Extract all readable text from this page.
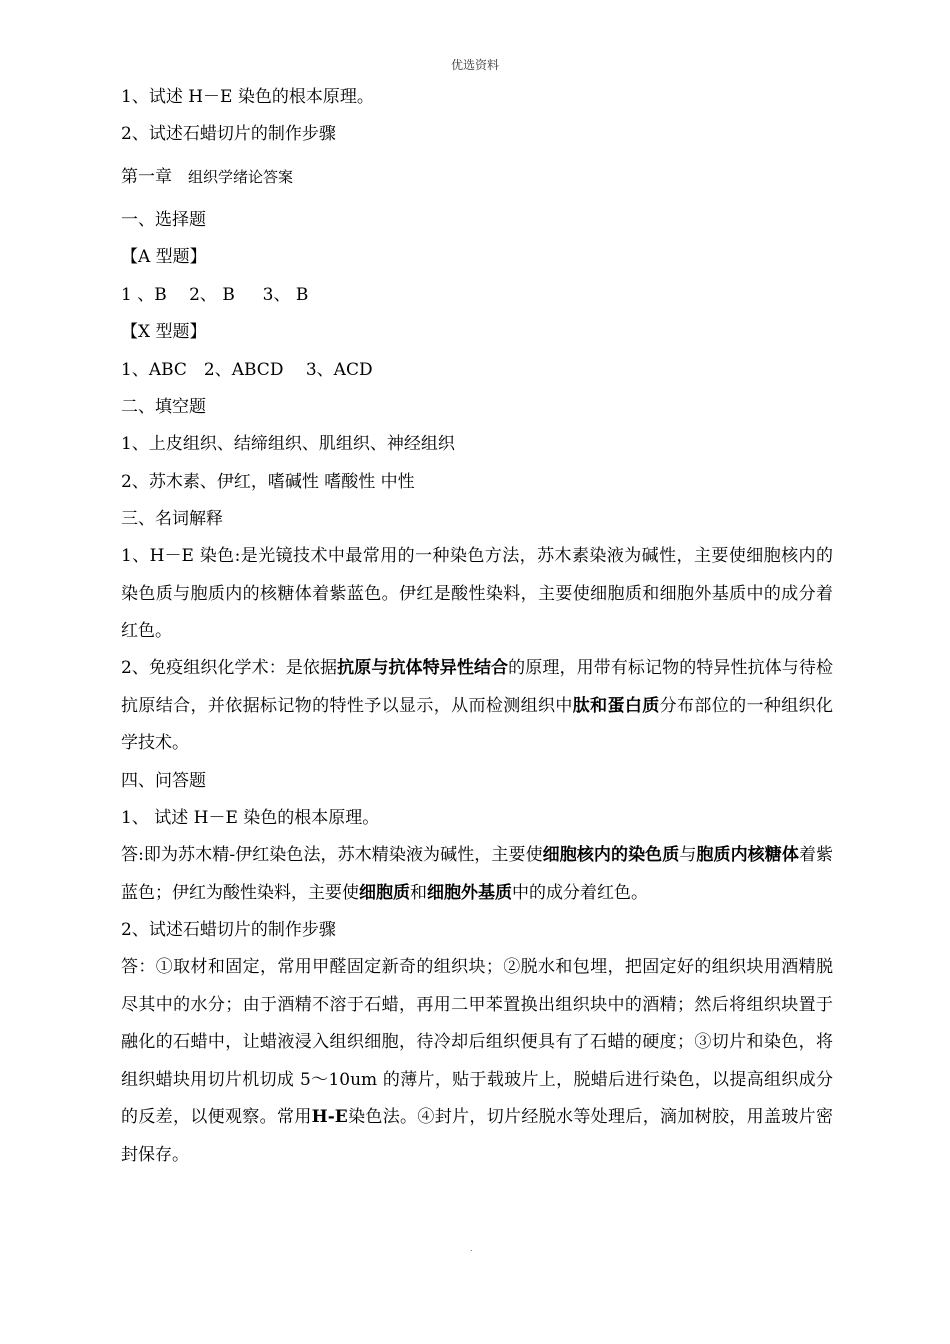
优选资料
1、试述 H－E 染色的根本原理。
2、试述石蜡切片的制作步骤
第一章 组织学绪论答案
一、选择题
【A 型题】
1 、B　 2、 B 　 3、 B
【X 型题】
1、ABC　2、ABCD　 3、ACD
二、填空题
1、上皮组织、结缔组织、肌组织、神经组织
2、苏木素、伊红，嗜碱性 嗜酸性 中性
三、名词解释
1、H－E 染色:是光镜技术中最常用的一种染色方法，苏木素染液为碱性，主要使细胞核内的染色质与胞质内的核糖体着紫蓝色。伊红是酸性染料，主要使细胞质和细胞外基质中的成分着红色。
2、免疫组织化学术：是依据抗原与抗体特异性结合的原理，用带有标记物的特异性抗体与待检抗原结合，并依据标记物的特性予以显示，从而检测组织中肽和蛋白质分布部位的一种组织化学技术。
四、问答题
1、 试述 H－E 染色的根本原理。
答:即为苏木精-伊红染色法，苏木精染液为碱性，主要使细胞核内的染色质与胞质内核糖体着紫蓝色；伊红为酸性染料，主要使细胞质和细胞外基质中的成分着红色。
2、试述石蜡切片的制作步骤
答：①取材和固定，常用甲醛固定新奇的组织块；②脱水和包埋，把固定好的组织块用酒精脱尽其中的水分；由于酒精不溶于石蜡，再用二甲苯置换出组织块中的酒精；然后将组织块置于融化的石蜡中，让蜡液浸入组织细胞，待冷却后组织便具有了石蜡的硬度；③切片和染色，将组织蜡块用切片机切成 5～10um 的薄片，贴于载玻片上，脱蜡后进行染色，以提高组织成分的反差，以便观察。常用H-E染色法。④封片，切片经脱水等处理后，滴加树胶，用盖玻片密封保存。
.
